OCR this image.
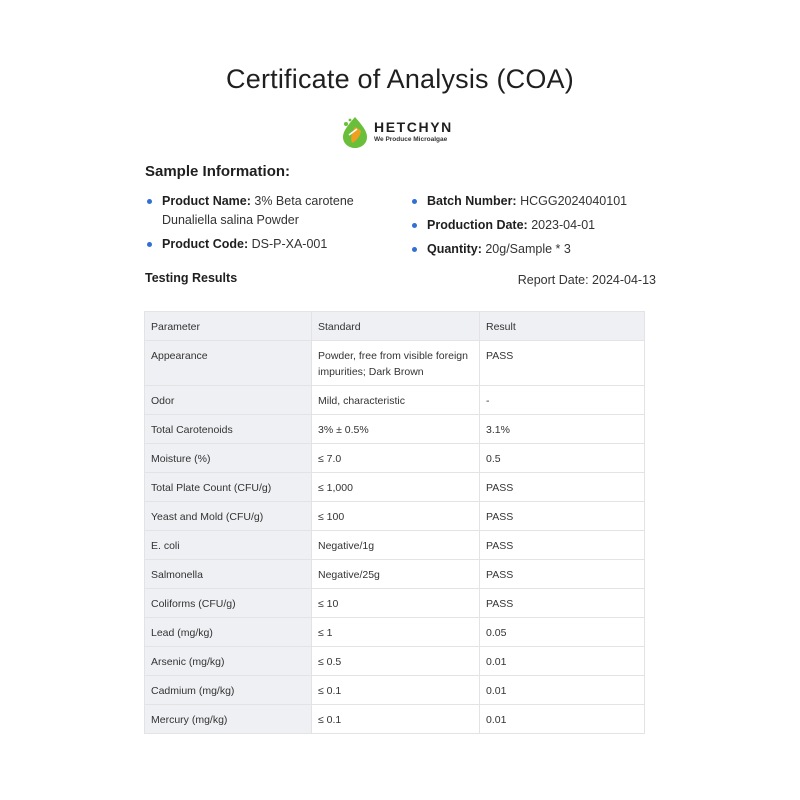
Certificate of Analysis (COA)
HETCHYN
We Produce Microalgae
Sample Information:
Product Name: 3% Beta carotene Dunaliella salina Powder
Product Code: DS-P-XA-001
Batch Number: HCGG2024040101
Production Date: 2023-04-01
Quantity: 20g/Sample * 3
Testing Results	Report Date: 2024-04-13
Parameter	Standard	Result
Appearance	Powder, free from visible foreign impurities; Dark Brown	PASS
Odor	Mild, characteristic	-
Total Carotenoids	3% ± 0.5%	3.1%
Moisture (%)	≤ 7.0	0.5
Total Plate Count (CFU/g)	≤ 1,000	PASS
Yeast and Mold (CFU/g)	≤ 100	PASS
E. coli	Negative/1g	PASS
Salmonella	Negative/25g	PASS
Coliforms (CFU/g)	≤ 10	PASS
Lead (mg/kg)	≤ 1	0.05
Arsenic (mg/kg)	≤ 0.5	0.01
Cadmium (mg/kg)	≤ 0.1	0.01
Mercury (mg/kg)	≤ 0.1	0.01
